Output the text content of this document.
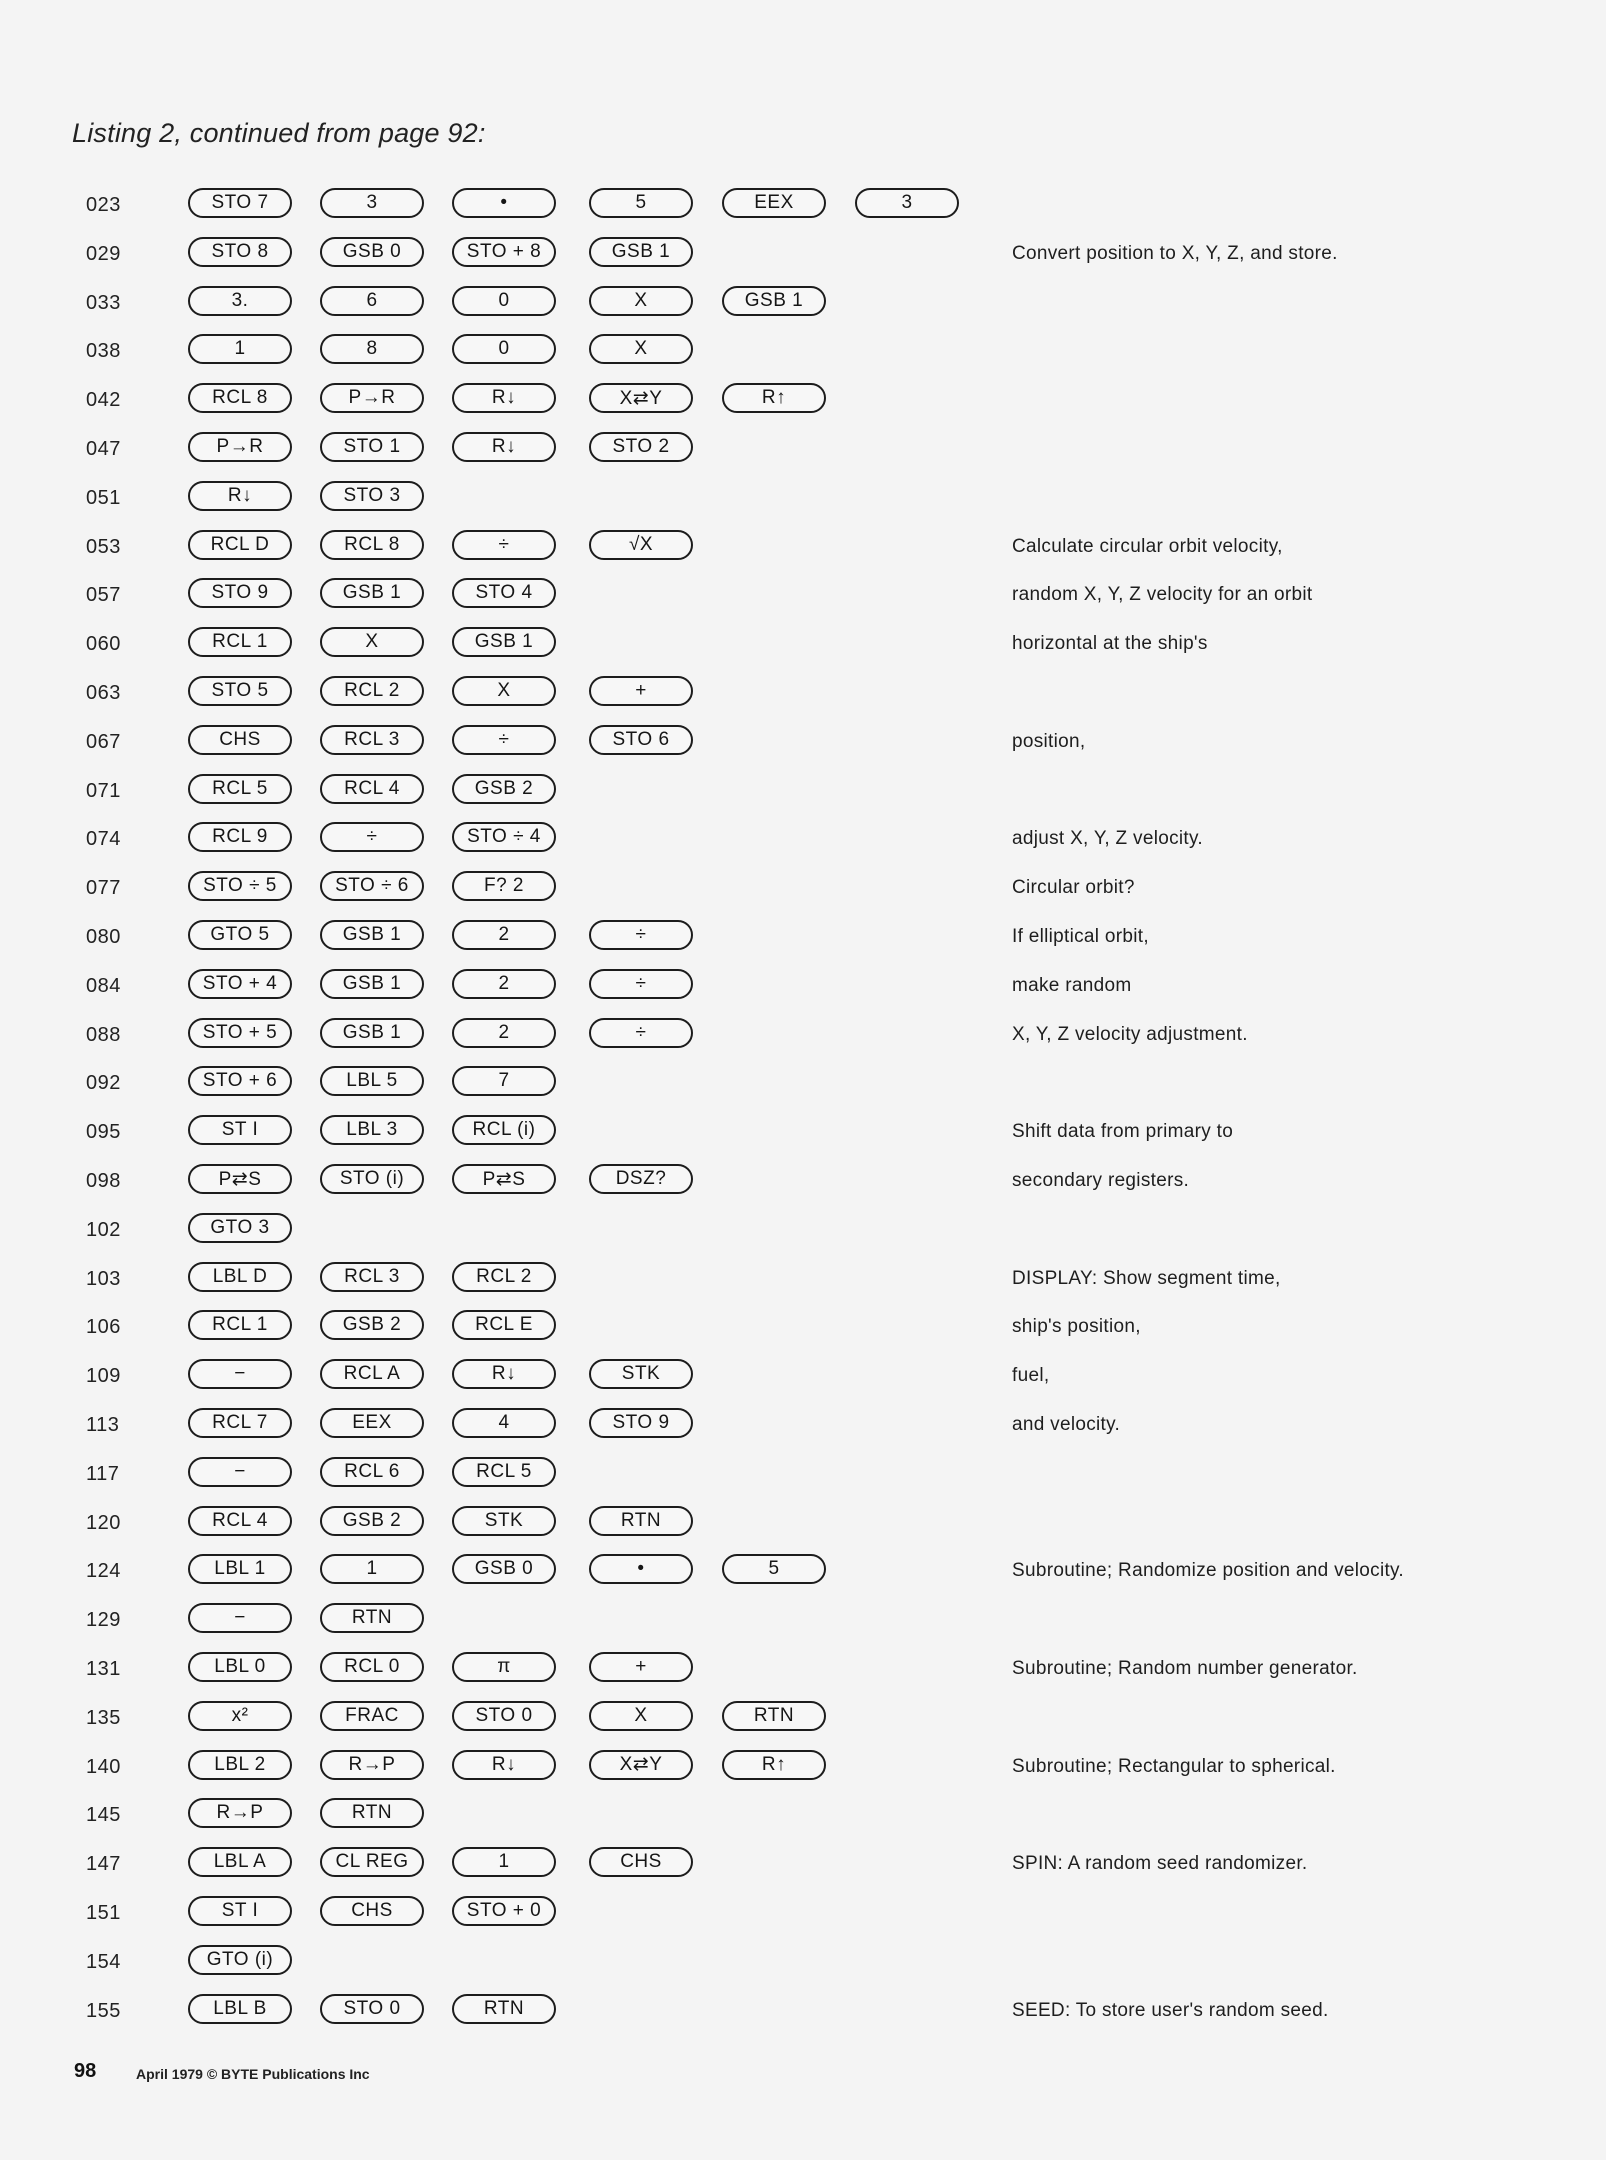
Listing 2, continued from page 92:
023	STO 7	3	•	5	EEX	3
029	STO 8	GSB 0	STO + 8	GSB 1	Convert position to X, Y, Z, and store.
033	3.	6	0	X	GSB 1
038	1	8	0	X
042	RCL 8	P→R	R↓	X⇄Y	R↑
047	P→R	STO 1	R↓	STO 2
051	R↓	STO 3
053	RCL D	RCL 8	÷	√X	Calculate circular orbit velocity,
057	STO 9	GSB 1	STO 4	random X, Y, Z velocity for an orbit
060	RCL 1	X	GSB 1	horizontal at the ship's
063	STO 5	RCL 2	X	+
067	CHS	RCL 3	÷	STO 6	position,
071	RCL 5	RCL 4	GSB 2
074	RCL 9	÷	STO ÷ 4	adjust X, Y, Z velocity.
077	STO ÷ 5	STO ÷ 6	F? 2	Circular orbit?
080	GTO 5	GSB 1	2	÷	If elliptical orbit,
084	STO + 4	GSB 1	2	÷	make random
088	STO + 5	GSB 1	2	÷	X, Y, Z velocity adjustment.
092	STO + 6	LBL 5	7
095	ST I	LBL 3	RCL (i)	Shift data from primary to
098	P⇄S	STO (i)	P⇄S	DSZ?	secondary registers.
102	GTO 3
103	LBL D	RCL 3	RCL 2	DISPLAY: Show segment time,
106	RCL 1	GSB 2	RCL E	ship's position,
109	−	RCL A	R↓	STK	fuel,
113	RCL 7	EEX	4	STO 9	and velocity.
117	−	RCL 6	RCL 5
120	RCL 4	GSB 2	STK	RTN
124	LBL 1	1	GSB 0	•	5	Subroutine; Randomize position and velocity.
129	−	RTN
131	LBL 0	RCL 0	π	+	Subroutine; Random number generator.
135	x²	FRAC	STO 0	X	RTN
140	LBL 2	R→P	R↓	X⇄Y	R↑	Subroutine; Rectangular to spherical.
145	R→P	RTN
147	LBL A	CL REG	1	CHS	SPIN: A random seed randomizer.
151	ST I	CHS	STO + 0
154	GTO (i)
155	LBL B	STO 0	RTN	SEED: To store user's random seed.
98	April 1979 © BYTE Publications Inc
